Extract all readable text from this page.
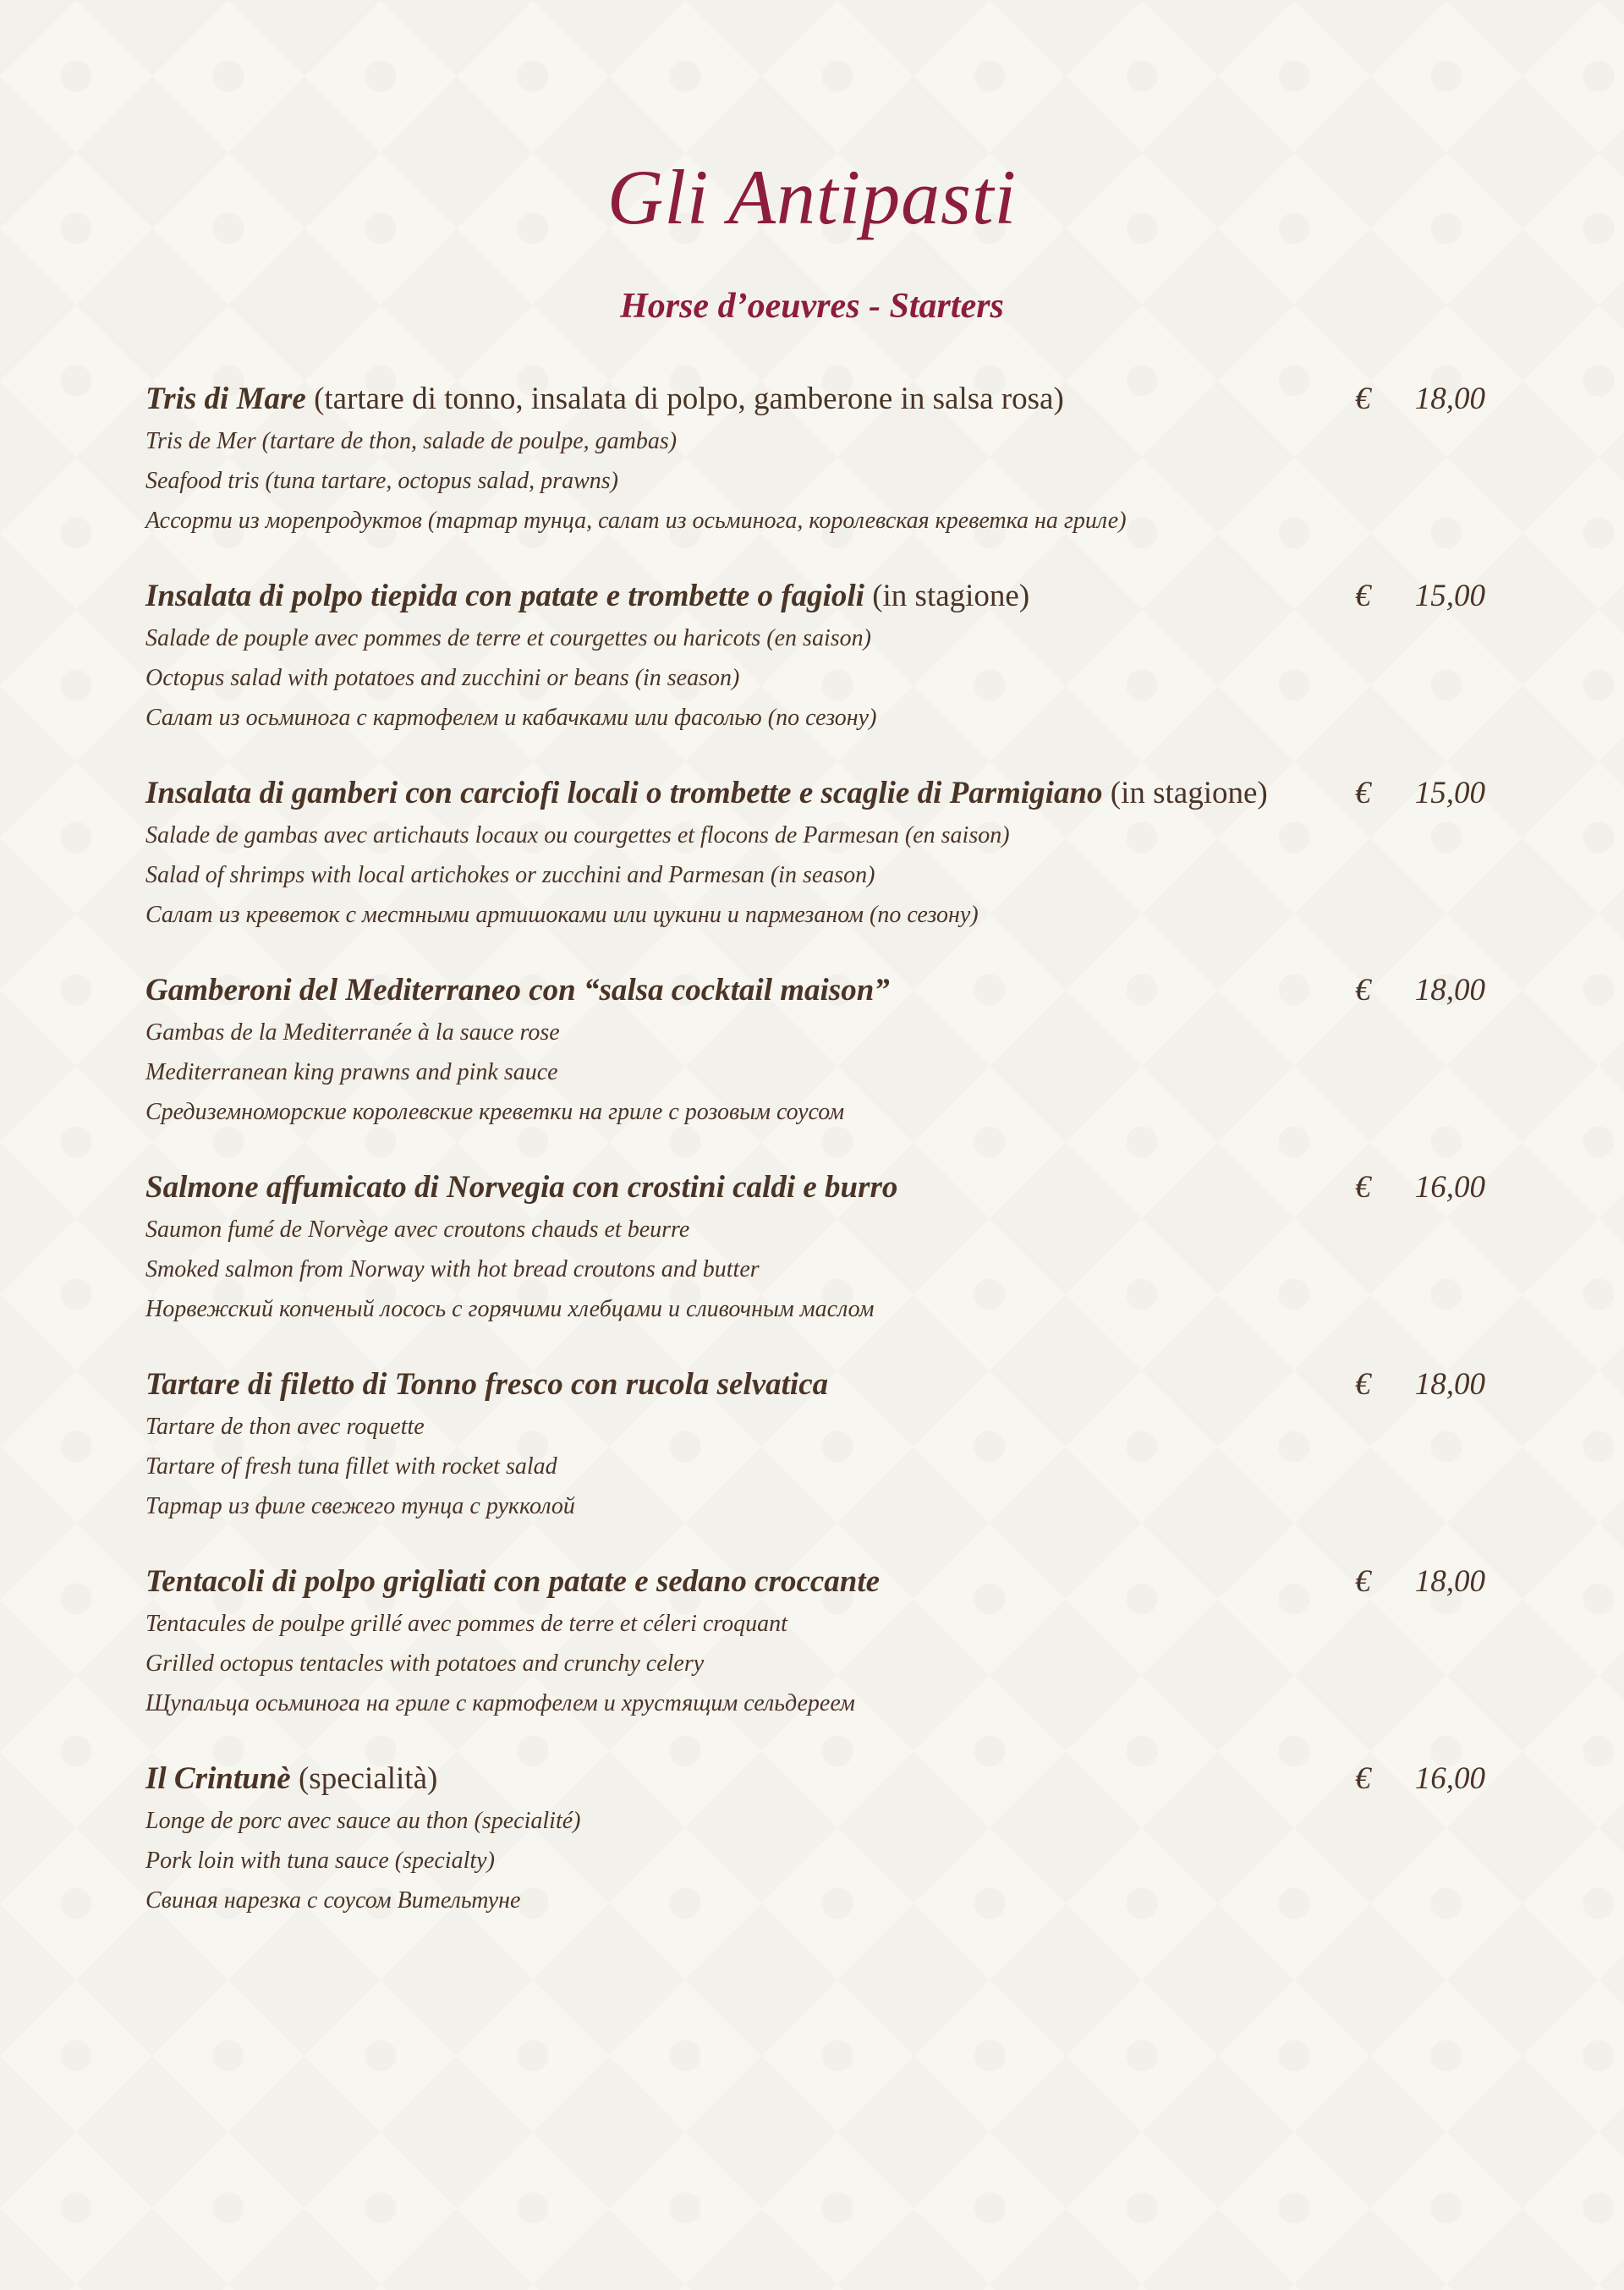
Gli Antipasti
Horse d’oeuvres - Starters
Tris di Mare (tartare di tonno, insalata di polpo, gamberone in salsa rosa)
Tris de Mer (tartare de thon, salade de poulpe, gambas)
Seafood tris (tuna tartare, octopus salad, prawns)
Ассорти из морепродуктов (тартар тунца, салат из осьминога, королевская креветка на гриле)
€ 18,00
Insalata di polpo tiepida con patate e trombette o fagioli (in stagione)
Salade de pouple avec pommes de terre et courgettes ou haricots (en saison)
Octopus salad with potatoes and zucchini or beans (in season)
Салат из осьминога с картофелем и кабачками или фасолью (по сезону)
€ 15,00
Insalata di gamberi con carciofi locali o trombette e scaglie di Parmigiano (in stagione)
Salade de gambas avec artichauts locaux ou courgettes et flocons de Parmesan (en saison)
Salad of shrimps with local artichokes or zucchini and Parmesan (in season)
Салат из креветок с местными артишоками или цукини и пармезаном (по сезону)
€ 15,00
Gamberoni del Mediterraneo con “salsa cocktail maison”
Gambas de la Mediterranée à la sauce rose
Mediterranean king prawns and pink sauce
Средиземноморские королевские креветки на гриле с розовым соусом
€ 18,00
Salmone affumicato di Norvegia con crostini caldi e burro
Saumon fumé de Norvège avec croutons chauds et beurre
Smoked salmon from Norway with hot bread croutons and butter
Норвежский копченый лосось с горячими хлебцами и сливочным маслом
€ 16,00
Tartare di filetto di Tonno fresco con rucola selvatica
Tartare de thon avec roquette
Tartare of fresh tuna fillet with rocket salad
Тартар из филе свежего тунца с рукколой
€ 18,00
Tentacoli di polpo grigliati con patate e sedano croccante
Tentacules de poulpe grillé avec pommes de terre et céleri croquant
Grilled octopus tentacles with potatoes and crunchy celery
Щупальца осьминога на гриле с картофелем и хрустящим сельдереем
€ 18,00
Il Crintunè (specialità)
Longe de porc avec sauce au thon (specialité)
Pork loin with tuna sauce (specialty)
Свиная нарезка с соусом Вительтуне
€ 16,00
